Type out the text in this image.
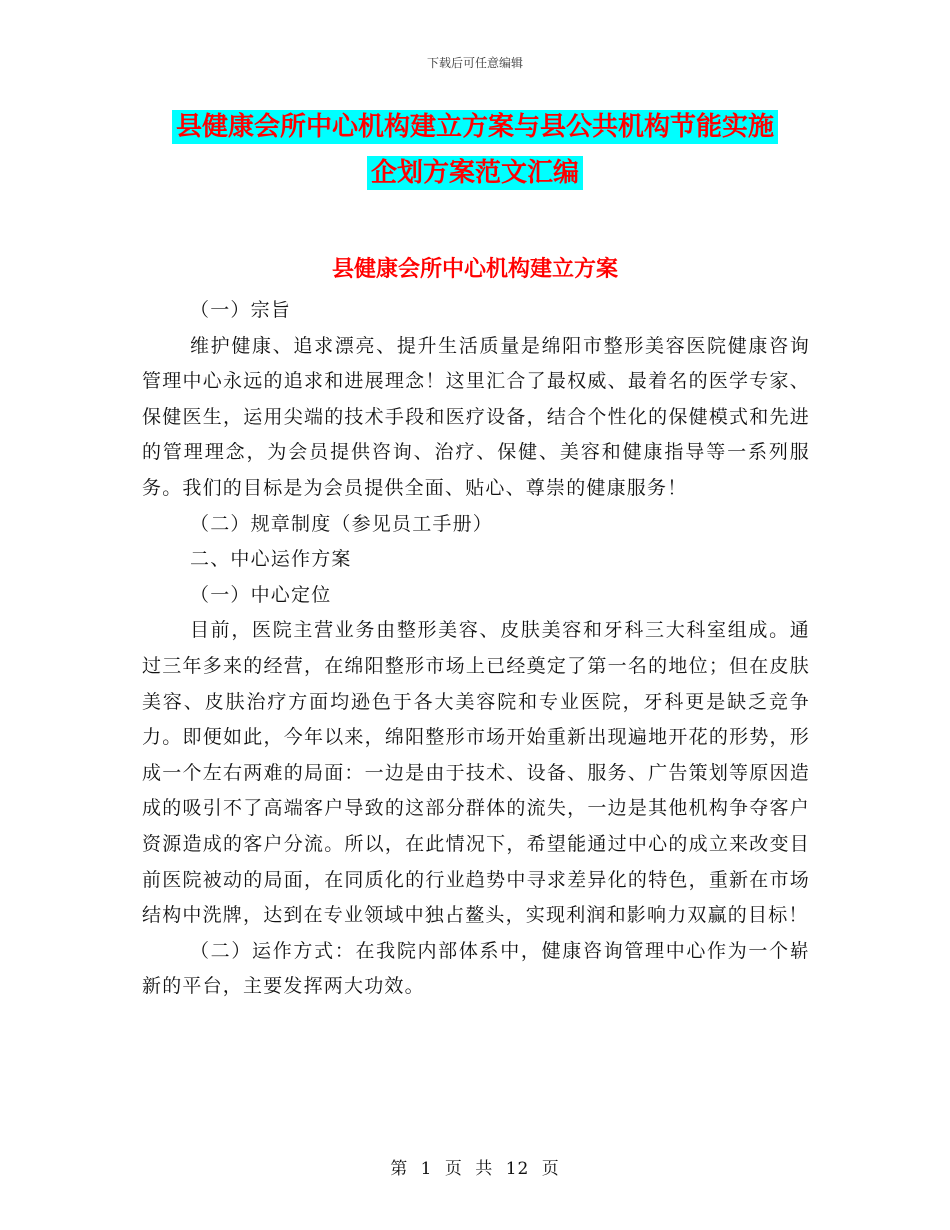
下载后可任意编辑
县健康会所中心机构建立方案与县公共机构节能实施
企划方案范文汇编
县健康会所中心机构建立方案

（一）宗旨

维护健康、追求漂亮、提升生活质量是绵阳市整形美容医院健康咨询管理中心永远的追求和进展理念！这里汇合了最权威、最着名的医学专家、保健医生，运用尖端的技术手段和医疗设备，结合个性化的保健模式和先进的管理理念，为会员提供咨询、治疗、保健、美容和健康指导等一系列服务。我们的目标是为会员提供全面、贴心、尊崇的健康服务！

（二）规章制度（参见员工手册）

二、中心运作方案

（一）中心定位

目前，医院主营业务由整形美容、皮肤美容和牙科三大科室组成。通过三年多来的经营，在绵阳整形市场上已经奠定了第一名的地位；但在皮肤美容、皮肤治疗方面均逊色于各大美容院和专业医院，牙科更是缺乏竞争力。即便如此，今年以来，绵阳整形市场开始重新出现遍地开花的形势，形成一个左右两难的局面：一边是由于技术、设备、服务、广告策划等原因造成的吸引不了高端客户导致的这部分群体的流失，一边是其他机构争夺客户资源造成的客户分流。所以，在此情况下，希望能通过中心的成立来改变目前医院被动的局面，在同质化的行业趋势中寻求差异化的特色，重新在市场结构中洗牌，达到在专业领域中独占鳌头，实现利润和影响力双赢的目标！

（二）运作方式：在我院内部体系中，健康咨询管理中心作为一个崭新的平台，主要发挥两大功效。

第 1 页 共 12 页
